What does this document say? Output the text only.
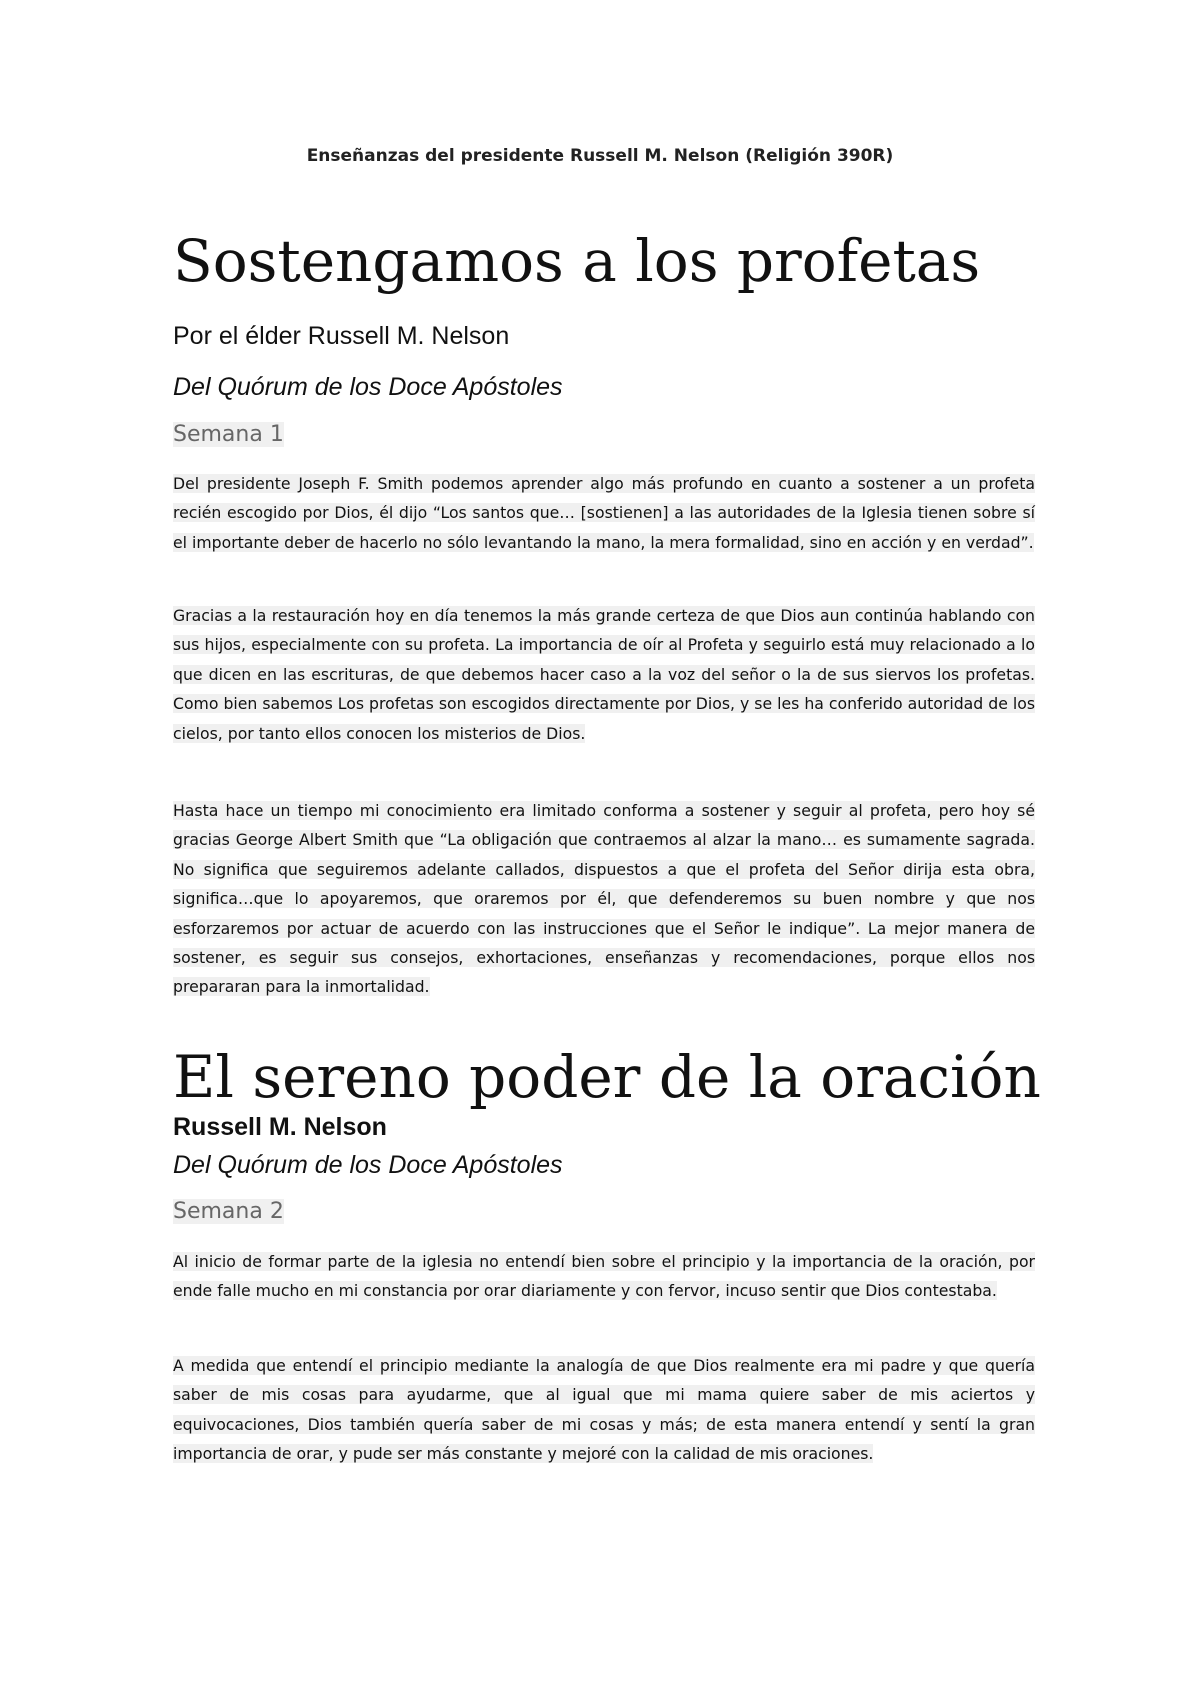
Enseñanzas del presidente Russell M. Nelson (Religión 390R)
Sostengamos a los profetas

Por el élder Russell M. Nelson

Del Quórum de los Doce Apóstoles

Semana 1

Del presidente Joseph F. Smith podemos aprender algo más profundo en cuanto a sostener a un profeta recién escogido por Dios, él dijo “Los santos que… [sostienen] a las autoridades de la Iglesia tienen sobre sí el importante deber de hacerlo no sólo levantando la mano, la mera formalidad, sino en acción y en verdad”.

Gracias a la restauración hoy en día tenemos la más grande certeza de que Dios aun continúa hablando con sus hijos, especialmente con su profeta. La importancia de oír al Profeta y seguirlo está muy relacionado a lo que dicen en las escrituras, de que debemos hacer caso a la voz del señor o la de sus siervos los profetas. Como bien sabemos Los profetas son escogidos directamente por Dios, y se les ha conferido autoridad de los cielos, por tanto ellos conocen los misterios de Dios.

Hasta hace un tiempo mi conocimiento era limitado conforma a sostener y seguir al profeta, pero hoy sé gracias George Albert Smith que “La obligación que contraemos al alzar la mano… es sumamente sagrada. No significa que seguiremos adelante callados, dispuestos a que el profeta del Señor dirija esta obra, significa…que lo apoyaremos, que oraremos por él, que defenderemos su buen nombre y que nos esforzaremos por actuar de acuerdo con las instrucciones que el Señor le indique”. La mejor manera de sostener, es seguir sus consejos, exhortaciones, enseñanzas y recomendaciones, porque ellos nos prepararan para la inmortalidad.

El sereno poder de la oración

Russell M. Nelson

Del Quórum de los Doce Apóstoles

Semana 2

Al inicio de formar parte de la iglesia no entendí bien sobre el principio y la importancia de la oración, por ende falle mucho en mi constancia por orar diariamente y con fervor, incuso sentir que Dios contestaba.

A medida que entendí el principio mediante la analogía de que Dios realmente era mi padre y que quería saber de mis cosas para ayudarme, que al igual que mi mama quiere saber de mis aciertos y equivocaciones, Dios también quería saber de mi cosas y más; de esta manera entendí y sentí la gran importancia de orar, y pude ser más constante y mejoré con la calidad de mis oraciones.
